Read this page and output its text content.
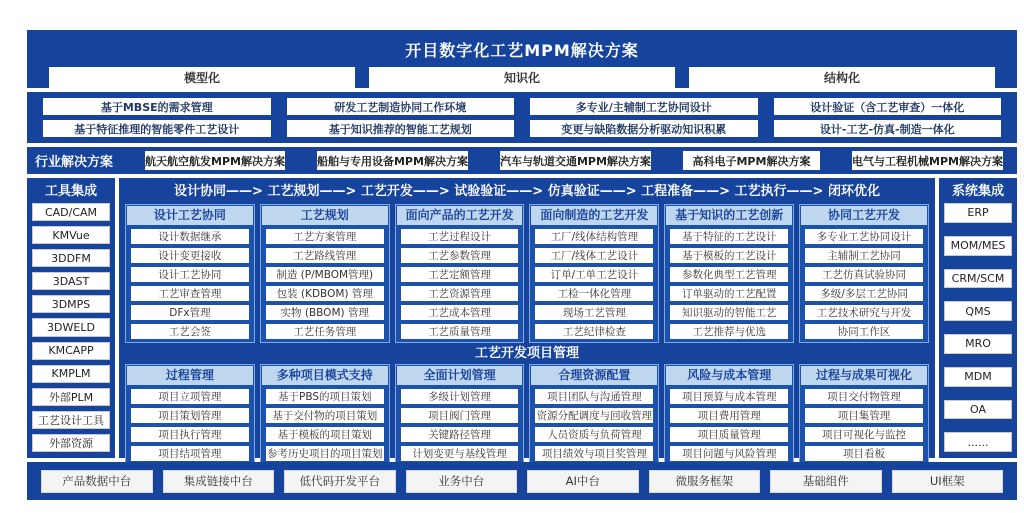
开目数字化工艺MPM解决方案
模型化	知识化	结构化
基于MBSE的需求管理	研发工艺制造协同工作环境	多专业/主辅制工艺协同设计	设计验证（含工艺审查）一体化
基于特征推理的智能零件工艺设计	基于知识推荐的智能工艺规划	变更与缺陷数据分析驱动知识积累	设计-工艺-仿真-制造一体化
行业解决方案	航天航空航发MPM解决方案	船舶与专用设备MPM解决方案	汽车与轨道交通MPM解决方案	高科电子MPM解决方案	电气与工程机械MPM解决方案
工具集成
CAD/CAM
KMVue
3DDFM
3DAST
3DMPS
3DWELD
KMCAPP
KMPLM
外部PLM
工艺设计工具
外部资源
系统集成
ERP
MOM/MES
CRM/SCM
QMS
MRO
MDM
OA
......
设计协同——> 工艺规划——> 工艺开发——> 试验验证——> 仿真验证——> 工程准备——> 工艺执行——> 闭环优化
设计工艺协同
设计数据继承
设计变更接收
设计工艺协同
工艺审查管理
DFx管理
工艺会签
工艺规划
工艺方案管理
工艺路线管理
制造 (P/MBOM管理)
包装 (KDBOM) 管理
实物 (BBOM) 管理
工艺任务管理
面向产品的工艺开发
工艺过程设计
工艺参数管理
工艺定额管理
工艺资源管理
工艺成本管理
工艺质量管理
面向制造的工艺开发
工厂/线体结构管理
工厂/线体工艺设计
订单/工单工艺设计
工检一体化管理
现场工艺管理
工艺纪律检查
基于知识的工艺创新
基于特征的工艺设计
基于模板的工艺设计
参数化典型工艺管理
订单驱动的工艺配置
知识驱动的智能工艺
工艺推荐与优选
协同工艺开发
多专业工艺协同设计
主辅制工艺协同
工艺仿真试验协同
多级/多层工艺协同
工艺技术研究与开发
协同工作区
工艺开发项目管理
过程管理
项目立项管理
项目策划管理
项目执行管理
项目结项管理
多种项目模式支持
基于PBS的项目策划
基于交付物的项目策划
基于模板的项目策划
参考历史项目的项目策划
全面计划管理
多级计划管理
项目阀门管理
关键路径管理
计划变更与基线管理
合理资源配置
项目团队与沟通管理
资源分配调度与回收管理
人员资质与负荷管理
项目绩效与项目奖管理
风险与成本管理
项目预算与成本管理
项目费用管理
项目质量管理
项目问题与风险管理
过程与成果可视化
项目交付物管理
项目集管理
项目可视化与监控
项目看板
产品数据中台	集成链接中台	低代码开发平台	业务中台	AI中台	微服务框架	基础组件	UI框架
